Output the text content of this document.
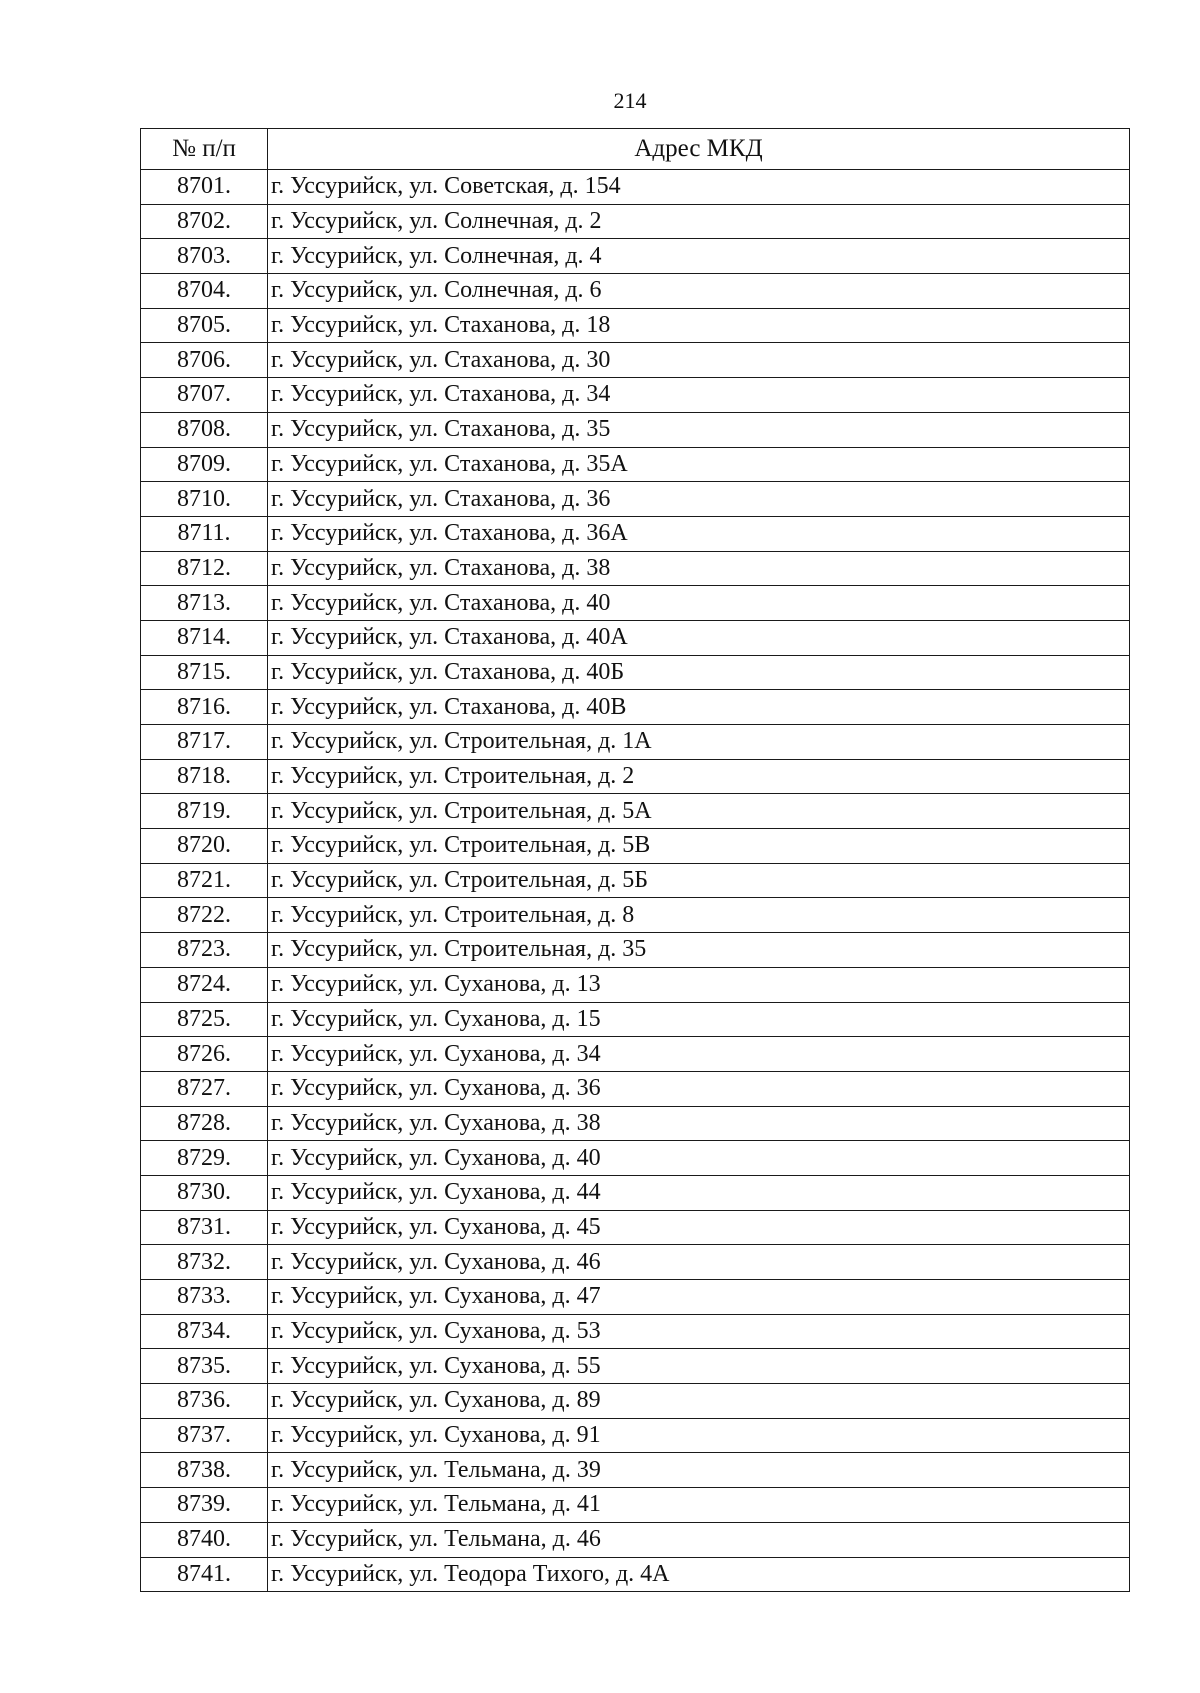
214
№ п/п	Адрес МКД
8701.	г. Уссурийск, ул. Советская, д. 154
8702.	г. Уссурийск, ул. Солнечная, д. 2
8703.	г. Уссурийск, ул. Солнечная, д. 4
8704.	г. Уссурийск, ул. Солнечная, д. 6
8705.	г. Уссурийск, ул. Стаханова, д. 18
8706.	г. Уссурийск, ул. Стаханова, д. 30
8707.	г. Уссурийск, ул. Стаханова, д. 34
8708.	г. Уссурийск, ул. Стаханова, д. 35
8709.	г. Уссурийск, ул. Стаханова, д. 35А
8710.	г. Уссурийск, ул. Стаханова, д. 36
8711.	г. Уссурийск, ул. Стаханова, д. 36А
8712.	г. Уссурийск, ул. Стаханова, д. 38
8713.	г. Уссурийск, ул. Стаханова, д. 40
8714.	г. Уссурийск, ул. Стаханова, д. 40А
8715.	г. Уссурийск, ул. Стаханова, д. 40Б
8716.	г. Уссурийск, ул. Стаханова, д. 40В
8717.	г. Уссурийск, ул. Строительная, д. 1А
8718.	г. Уссурийск, ул. Строительная, д. 2
8719.	г. Уссурийск, ул. Строительная, д. 5А
8720.	г. Уссурийск, ул. Строительная, д. 5В
8721.	г. Уссурийск, ул. Строительная, д. 5Б
8722.	г. Уссурийск, ул. Строительная, д. 8
8723.	г. Уссурийск, ул. Строительная, д. 35
8724.	г. Уссурийск, ул. Суханова, д. 13
8725.	г. Уссурийск, ул. Суханова, д. 15
8726.	г. Уссурийск, ул. Суханова, д. 34
8727.	г. Уссурийск, ул. Суханова, д. 36
8728.	г. Уссурийск, ул. Суханова, д. 38
8729.	г. Уссурийск, ул. Суханова, д. 40
8730.	г. Уссурийск, ул. Суханова, д. 44
8731.	г. Уссурийск, ул. Суханова, д. 45
8732.	г. Уссурийск, ул. Суханова, д. 46
8733.	г. Уссурийск, ул. Суханова, д. 47
8734.	г. Уссурийск, ул. Суханова, д. 53
8735.	г. Уссурийск, ул. Суханова, д. 55
8736.	г. Уссурийск, ул. Суханова, д. 89
8737.	г. Уссурийск, ул. Суханова, д. 91
8738.	г. Уссурийск, ул. Тельмана, д. 39
8739.	г. Уссурийск, ул. Тельмана, д. 41
8740.	г. Уссурийск, ул. Тельмана, д. 46
8741.	г. Уссурийск, ул. Теодора Тихого, д. 4А
